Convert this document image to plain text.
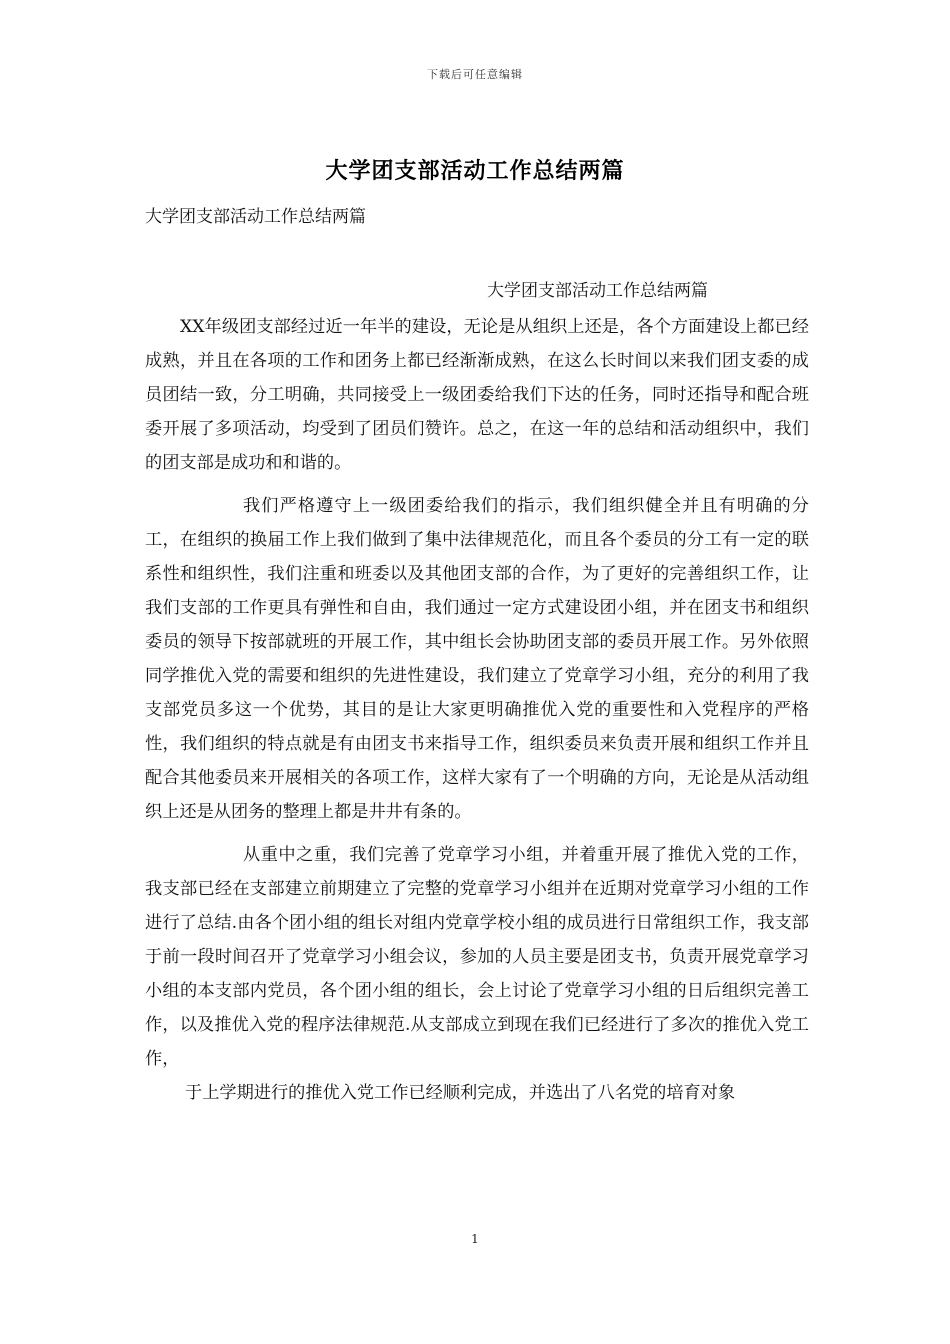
下载后可任意编辑
大学团支部活动工作总结两篇
大学团支部活动工作总结两篇
大学团支部活动工作总结两篇

XX年级团支部经过近一年半的建设，无论是从组织上还是，各个方面建设上都已经成熟，并且在各项的工作和团务上都已经渐渐成熟，在这么长时间以来我们团支委的成员团结一致，分工明确，共同接受上一级团委给我们下达的任务，同时还指导和配合班委开展了多项活动，均受到了团员们赞许。总之，在这一年的总结和活动组织中，我们的团支部是成功和和谐的。

我们严格遵守上一级团委给我们的指示，我们组织健全并且有明确的分工，在组织的换届工作上我们做到了集中法律规范化，而且各个委员的分工有一定的联系性和组织性，我们注重和班委以及其他团支部的合作，为了更好的完善组织工作，让我们支部的工作更具有弹性和自由，我们通过一定方式建设团小组，并在团支书和组织委员的领导下按部就班的开展工作，其中组长会协助团支部的委员开展工作。另外依照同学推优入党的需要和组织的先进性建设，我们建立了党章学习小组，充分的利用了我支部党员多这一个优势，其目的是让大家更明确推优入党的重要性和入党程序的严格性，我们组织的特点就是有由团支书来指导工作，组织委员来负责开展和组织工作并且配合其他委员来开展相关的各项工作，这样大家有了一个明确的方向，无论是从活动组织上还是从团务的整理上都是井井有条的。

从重中之重，我们完善了党章学习小组，并着重开展了推优入党的工作，我支部已经在支部建立前期建立了完整的党章学习小组并在近期对党章学习小组的工作进行了总结.由各个团小组的组长对组内党章学校小组的成员进行日常组织工作，我支部于前一段时间召开了党章学习小组会议，参加的人员主要是团支书，负责开展党章学习小组的本支部内党员，各个团小组的组长，会上讨论了党章学习小组的日后组织完善工作，以及推优入党的程序法律规范.从支部成立到现在我们已经进行了多次的推优入党工作，

于上学期进行的推优入党工作已经顺利完成，并选出了八名党的培育对象

1
